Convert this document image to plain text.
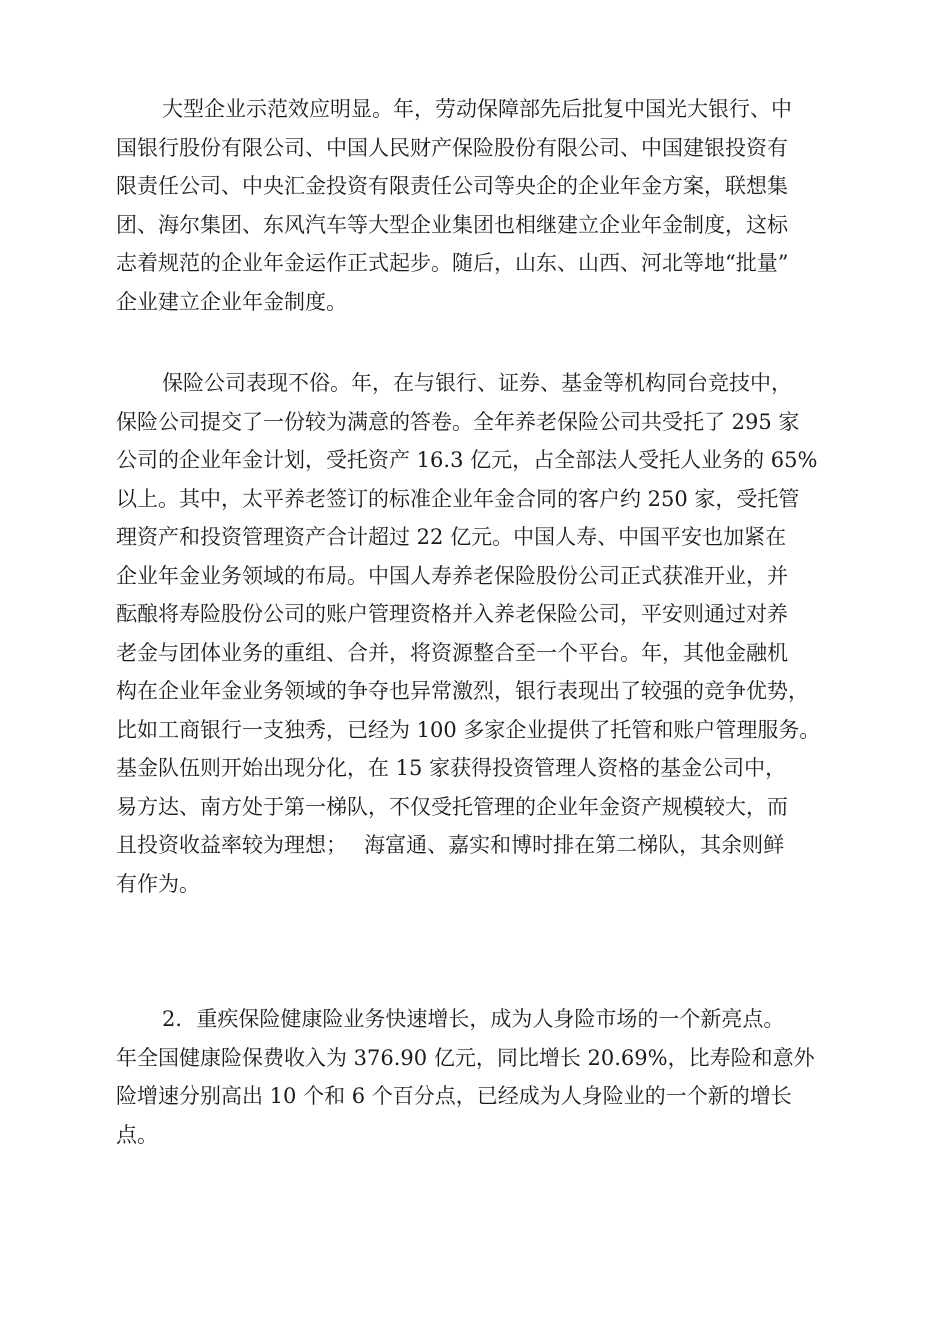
大型企业示范效应明显。年，劳动保障部先后批复中国光大银行、中
国银行股份有限公司、中国人民财产保险股份有限公司、中国建银投资有
限责任公司、中央汇金投资有限责任公司等央企的企业年金方案，联想集
团、海尔集团、东风汽车等大型企业集团也相继建立企业年金制度，这标
志着规范的企业年金运作正式起步。随后，山东、山西、河北等地“批量”
企业建立企业年金制度。

保险公司表现不俗。年，在与银行、证券、基金等机构同台竞技中，
保险公司提交了一份较为满意的答卷。全年养老保险公司共受托了 295 家
公司的企业年金计划，受托资产 16.3 亿元，占全部法人受托人业务的 65%
以上。其中，太平养老签订的标准企业年金合同的客户约 250 家，受托管
理资产和投资管理资产合计超过 22 亿元。中国人寿、中国平安也加紧在
企业年金业务领域的布局。中国人寿养老保险股份公司正式获准开业，并
酝酿将寿险股份公司的账户管理资格并入养老保险公司，平安则通过对养
老金与团体业务的重组、合并，将资源整合至一个平台。年，其他金融机
构在企业年金业务领域的争夺也异常激烈，银行表现出了较强的竞争优势，
比如工商银行一支独秀，已经为 100 多家企业提供了托管和账户管理服务。
基金队伍则开始出现分化，在 15 家获得投资管理人资格的基金公司中，
易方达、南方处于第一梯队，不仅受托管理的企业年金资产规模较大，而
且投资收益率较为理想；　 海富通、嘉实和博时排在第二梯队，其余则鲜
有作为。

2．重疾保险健康险业务快速增长，成为人身险市场的一个新亮点。
年全国健康险保费收入为 376.90 亿元，同比增长 20.69%，比寿险和意外
险增速分别高出 10 个和 6 个百分点，已经成为人身险业的一个新的增长
点。
